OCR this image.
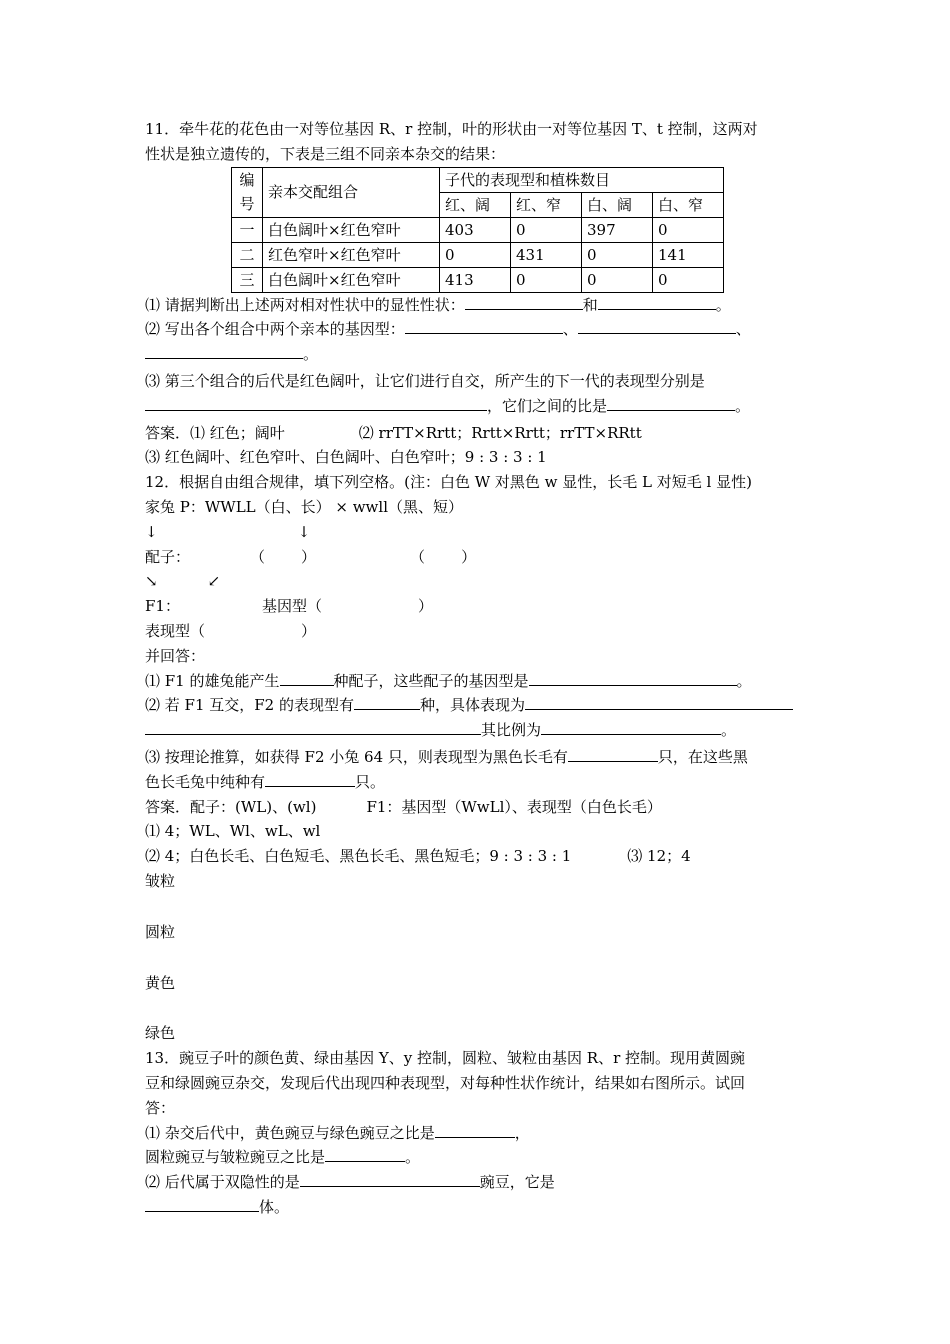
11．牵牛花的花色由一对等位基因 R、r 控制，叶的形状由一对等位基因 T、t 控制，这两对

性状是独立遗传的，下表是三组不同亲本杂交的结果：

编
号	亲本交配组合	子代的表现型和植株数目			
		红、阔	红、窄	白、阔	白、窄
一	白色阔叶×红色窄叶	403	0	397	0
二	红色窄叶×红色窄叶	0	431	0	141
三	白色阔叶×红色窄叶	413	0	0	0

⑴ 请据判断出上述两对相对性状中的显性性状：	和	。

⑵ 写出各个组合中两个亲本的基因型：	、	、

。

⑶ 第三个组合的后代是红色阔叶，让它们进行自交，所产生的下一代的表现型分别是

，它们之间的比是	。

答案．⑴ 红色；阔叶	⑵ rrTT×Rrtt；Rrtt×Rrtt；rrTT×RRtt

⑶ 红色阔叶、红色窄叶、白色阔叶、白色窄叶；9 : 3 : 3 : 1

12．根据自由组合规律，填下列空格。(注：白色 W 对黑色 w 显性，长毛 L 对短毛 l 显性)

家兔 P：WWLL（白、长） × wwll（黑、短）

↓	↓

配子：	（ ）	（ ）

↘	↙

F1：	基因型（	）

表现型（	）

并回答：

⑴ F1 的雄兔能产生	种配子，这些配子的基因型是	。

⑵ 若 F1 互交，F2 的表现型有	种，具体表现为

其比例为	。

⑶ 按理论推算，如获得 F2 小兔 64 只，则表现型为黑色长毛有	只，在这些黑

色长毛兔中纯种有	只。

答案．配子：(WL)、(wl)	F1：基因型（WwLl）、表现型（白色长毛）

⑴ 4；WL、Wl、wL、wl

⑵ 4；白色长毛、白色短毛、黑色长毛、黑色短毛；9 : 3 : 3 : 1	⑶ 12；4

皱粒

圆粒

黄色

绿色

13．豌豆子叶的颜色黄、绿由基因 Y、y 控制，圆粒、皱粒由基因 R、r 控制。现用黄圆豌

豆和绿圆豌豆杂交，发现后代出现四种表现型，对每种性状作统计，结果如右图所示。试回

答：

⑴ 杂交后代中，黄色豌豆与绿色豌豆之比是	，

圆粒豌豆与皱粒豌豆之比是	。

⑵ 后代属于双隐性的是	豌豆，它是

体。
